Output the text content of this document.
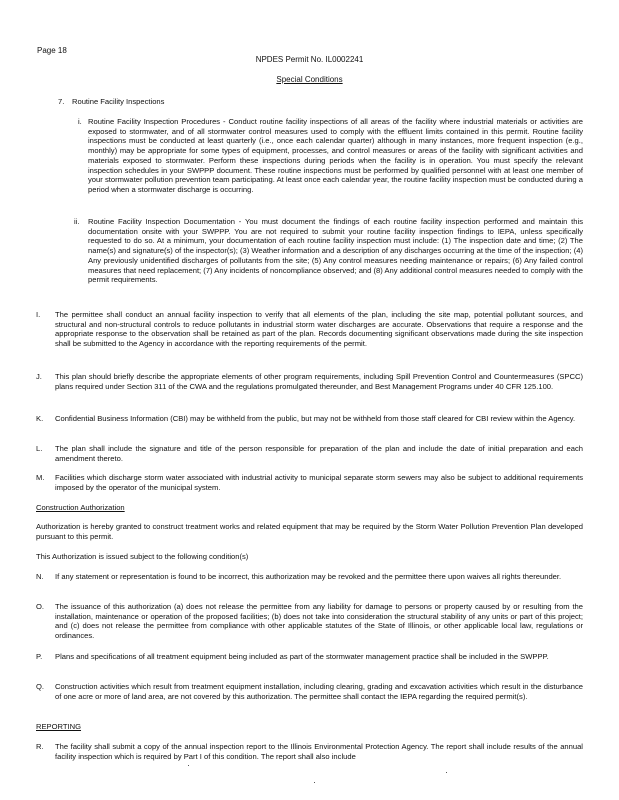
Page 18
NPDES Permit No. IL0002241
Special Conditions
7. Routine Facility Inspections
i. Routine Facility Inspection Procedures - Conduct routine facility inspections of all areas of the facility where industrial materials or activities are exposed to stormwater, and of all stormwater control measures used to comply with the effluent limits contained in this permit. Routine facility inspections must be conducted at least quarterly (i.e., once each calendar quarter) although in many instances, more frequent inspection (e.g., monthly) may be appropriate for some types of equipment, processes, and control measures or areas of the facility with significant activities and materials exposed to stormwater. Perform these inspections during periods when the facility is in operation. You must specify the relevant inspection schedules in your SWPPP document. These routine inspections must be performed by qualified personnel with at least one member of your stormwater pollution prevention team participating. At least once each calendar year, the routine facility inspection must be conducted during a period when a stormwater discharge is occurring.
ii. Routine Facility Inspection Documentation - You must document the findings of each routine facility inspection performed and maintain this documentation onsite with your SWPPP. You are not required to submit your routine facility inspection findings to IEPA, unless specifically requested to do so. At a minimum, your documentation of each routine facility inspection must include: (1) The inspection date and time; (2) The name(s) and signature(s) of the inspector(s); (3) Weather information and a description of any discharges occurring at the time of the inspection; (4) Any previously unidentified discharges of pollutants from the site; (5) Any control measures needing maintenance or repairs; (6) Any failed control measures that need replacement; (7) Any incidents of noncompliance observed; and (8) Any additional control measures needed to comply with the permit requirements.
I. The permittee shall conduct an annual facility inspection to verify that all elements of the plan, including the site map, potential pollutant sources, and structural and non-structural controls to reduce pollutants in industrial storm water discharges are accurate. Observations that require a response and the appropriate response to the observation shall be retained as part of the plan. Records documenting significant observations made during the site inspection shall be submitted to the Agency in accordance with the reporting requirements of the permit.
J. This plan should briefly describe the appropriate elements of other program requirements, including Spill Prevention Control and Countermeasures (SPCC) plans required under Section 311 of the CWA and the regulations promulgated thereunder, and Best Management Programs under 40 CFR 125.100.
K. Confidential Business Information (CBI) may be withheld from the public, but may not be withheld from those staff cleared for CBI review within the Agency.
L. The plan shall include the signature and title of the person responsible for preparation of the plan and include the date of initial preparation and each amendment thereto.
M. Facilities which discharge storm water associated with industrial activity to municipal separate storm sewers may also be subject to additional requirements imposed by the operator of the municipal system.
Construction Authorization
Authorization is hereby granted to construct treatment works and related equipment that may be required by the Storm Water Pollution Prevention Plan developed pursuant to this permit.
This Authorization is issued subject to the following condition(s)
N. If any statement or representation is found to be incorrect, this authorization may be revoked and the permittee there upon waives all rights thereunder.
O. The issuance of this authorization (a) does not release the permittee from any liability for damage to persons or property caused by or resulting from the installation, maintenance or operation of the proposed facilities; (b) does not take into consideration the structural stability of any units or part of this project; and (c) does not release the permittee from compliance with other applicable statutes of the State of Illinois, or other applicable local law, regulations or ordinances.
P. Plans and specifications of all treatment equipment being included as part of the stormwater management practice shall be included in the SWPPP.
Q. Construction activities which result from treatment equipment installation, including clearing, grading and excavation activities which result in the disturbance of one acre or more of land area, are not covered by this authorization. The permittee shall contact the IEPA regarding the required permit(s).
REPORTING
R. The facility shall submit a copy of the annual inspection report to the Illinois Environmental Protection Agency. The report shall include results of the annual facility inspection which is required by Part I of this condition. The report shall also include
